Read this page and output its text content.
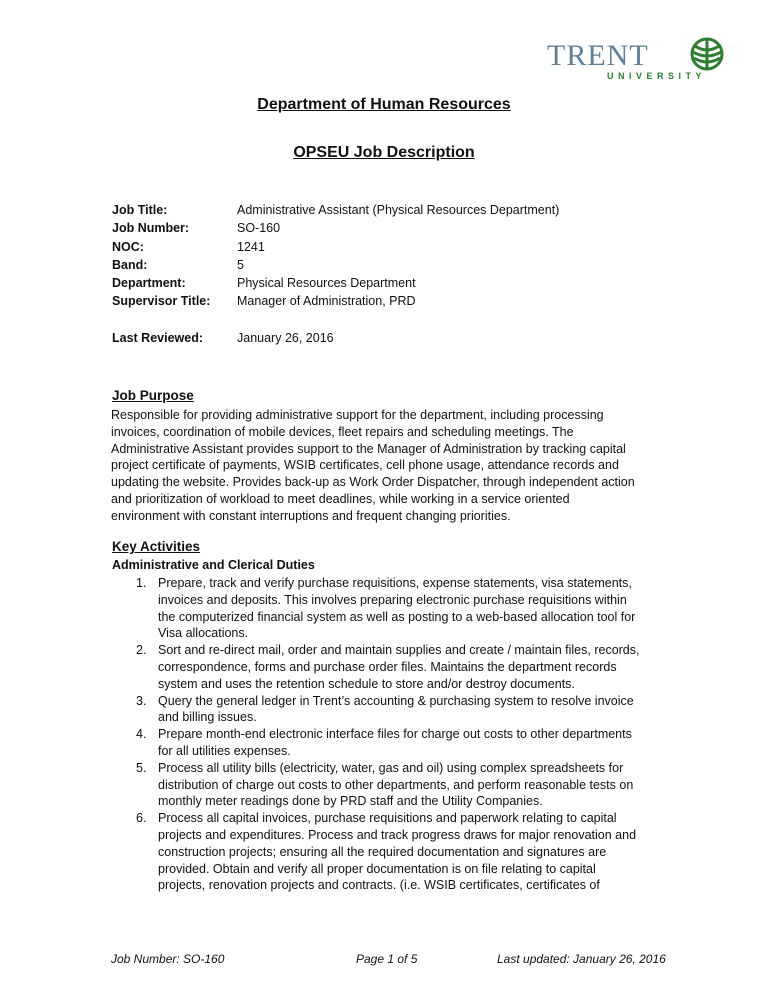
TRENT
UNIVERSITY
Department of Human Resources
OPSEU Job Description
Job Title:	Administrative Assistant (Physical Resources Department)
Job Number:	SO-160
NOC:	1241
Band:	5
Department:	Physical Resources Department
Supervisor Title: Manager of Administration, PRD
Last Reviewed:	January 26, 2016
Job Purpose
Responsible for providing administrative support for the department, including processing
invoices, coordination of mobile devices, fleet repairs and scheduling meetings. The
Administrative Assistant provides support to the Manager of Administration by tracking capital
project certificate of payments, WSIB certificates, cell phone usage, attendance records and
updating the website. Provides back-up as Work Order Dispatcher, through independent action
and prioritization of workload to meet deadlines, while working in a service oriented
environment with constant interruptions and frequent changing priorities.
Key Activities
Administrative and Clerical Duties
1. Prepare, track and verify purchase requisitions, expense statements, visa statements,
invoices and deposits. This involves preparing electronic purchase requisitions within
the computerized financial system as well as posting to a web-based allocation tool for
Visa allocations.
2. Sort and re-direct mail, order and maintain supplies and create / maintain files, records,
correspondence, forms and purchase order files. Maintains the department records
system and uses the retention schedule to store and/or destroy documents.
3. Query the general ledger in Trent’s accounting & purchasing system to resolve invoice
and billing issues.
4. Prepare month-end electronic interface files for charge out costs to other departments
for all utilities expenses.
5. Process all utility bills (electricity, water, gas and oil) using complex spreadsheets for
distribution of charge out costs to other departments, and perform reasonable tests on
monthly meter readings done by PRD staff and the Utility Companies.
6. Process all capital invoices, purchase requisitions and paperwork relating to capital
projects and expenditures. Process and track progress draws for major renovation and
construction projects; ensuring all the required documentation and signatures are
provided. Obtain and verify all proper documentation is on file relating to capital
projects, renovation projects and contracts. (i.e. WSIB certificates, certificates of
Job Number: SO-160	Page 1 of 5	Last updated: January 26, 2016
